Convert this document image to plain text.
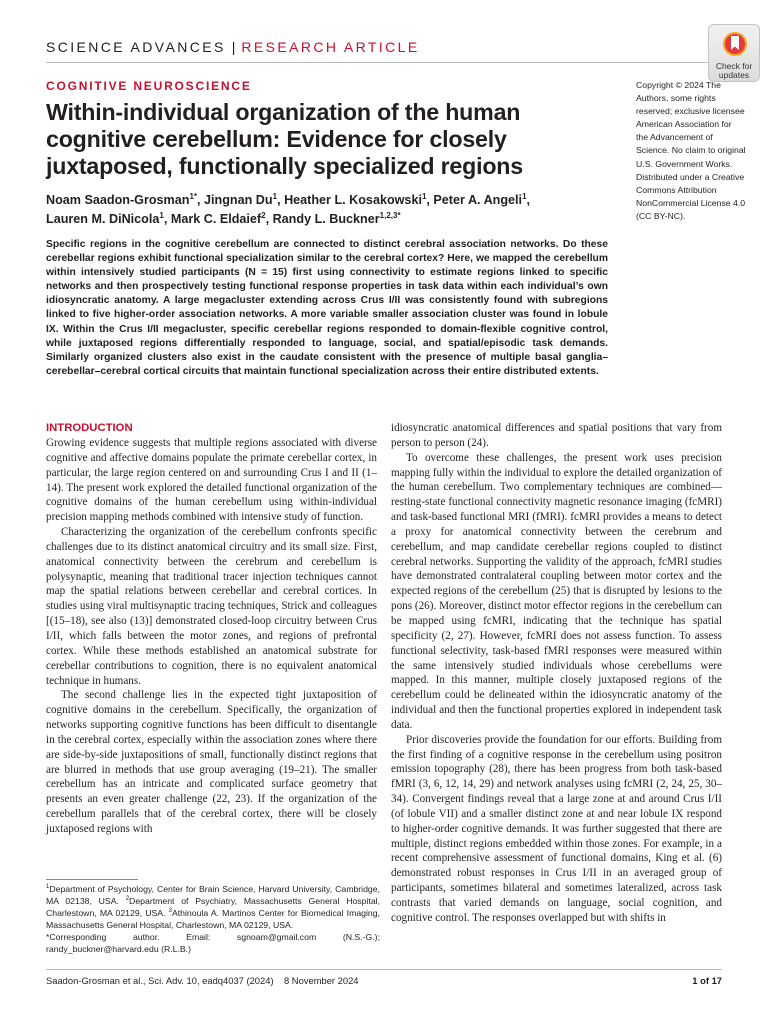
SCIENCE ADVANCES | RESEARCH ARTICLE
Check for updates
COGNITIVE NEUROSCIENCE
Within-individual organization of the human cognitive cerebellum: Evidence for closely juxtaposed, functionally specialized regions
Noam Saadon-Grosman$^{1*}$, Jingnan Du$^1$, Heather L. Kosakowski$^1$, Peter A. Angeli$^1$,
Lauren M. DiNicola$^1$, Mark C. Eldaief$^2$, Randy L. Buckner$^{1,2,3*}$
Copyright © 2024 The Authors, some rights reserved; exclusive licensee American Association for the Advancement of Science. No claim to original U.S. Government Works. Distributed under a Creative Commons Attribution NonCommercial License 4.0 (CC BY-NC).
Specific regions in the cognitive cerebellum are connected to distinct cerebral association networks. Do these cerebellar regions exhibit functional specialization similar to the cerebral cortex? Here, we mapped the cerebellum within intensively studied participants (N = 15) first using connectivity to estimate regions linked to specific networks and then prospectively testing functional response properties in task data within each individual’s own idiosyncratic anatomy. A large megacluster extending across Crus I/II was consistently found with subregions linked to five higher-order association networks. A more variable smaller association cluster was found in lobule IX. Within the Crus I/II megacluster, specific cerebellar regions responded to domain-flexible cognitive control, while juxtaposed regions differentially responded to language, social, and spatial/episodic task demands. Similarly organized clusters also exist in the caudate consistent with the presence of multiple basal ganglia–cerebellar–cerebral cortical circuits that maintain functional specialization across their entire distributed extents.
INTRODUCTION

Growing evidence suggests that multiple regions associated with diverse cognitive and affective domains populate the primate cerebellar cortex, in particular, the large region centered on and surrounding Crus I and II (1–14). The present work explored the detailed functional organization of the cognitive domains of the human cerebellum using within-individual precision mapping methods combined with intensive study of function.

Characterizing the organization of the cerebellum confronts specific challenges due to its distinct anatomical circuitry and its small size. First, anatomical connectivity between the cerebrum and cerebellum is polysynaptic, meaning that traditional tracer injection techniques cannot map the spatial relations between cerebellar and cerebral cortices. In studies using viral multisynaptic tracing techniques, Strick and colleagues [(15–18), see also (13)] demonstrated closed-loop circuitry between Crus I/II, which falls between the motor zones, and regions of prefrontal cortex. While these methods established an anatomical substrate for cerebellar contributions to cognition, there is no equivalent anatomical technique in humans.

The second challenge lies in the expected tight juxtaposition of cognitive domains in the cerebellum. Specifically, the organization of networks supporting cognitive functions has been difficult to disentangle in the cerebral cortex, especially within the association zones where there are side-by-side juxtapositions of small, functionally distinct regions that are blurred in methods that use group averaging (19–21). The smaller cerebellum has an intricate and complicated surface geometry that presents an even greater challenge (22, 23). If the organization of the cerebellum parallels that of the cerebral cortex, there will be closely juxtaposed regions with

idiosyncratic anatomical differences and spatial positions that vary from person to person (24).

To overcome these challenges, the present work uses precision mapping fully within the individual to explore the detailed organization of the human cerebellum. Two complementary techniques are combined—resting-state functional connectivity magnetic resonance imaging (fcMRI) and task-based functional MRI (fMRI). fcMRI provides a means to detect a proxy for anatomical connectivity between the cerebrum and cerebellum, and map candidate cerebellar regions coupled to distinct cerebral networks. Supporting the validity of the approach, fcMRI studies have demonstrated contralateral coupling between motor cortex and the expected regions of the cerebellum (25) that is disrupted by lesions to the pons (26). Moreover, distinct motor effector regions in the cerebellum can be mapped using fcMRI, indicating that the technique has spatial specificity (2, 27). However, fcMRI does not assess function. To assess functional selectivity, task-based fMRI responses were measured within the same intensively studied individuals whose cerebellums were mapped. In this manner, multiple closely juxtaposed regions of the cerebellum could be delineated within the idiosyncratic anatomy of the individual and then the functional properties explored in independent task data.

Prior discoveries provide the foundation for our efforts. Building from the first finding of a cognitive response in the cerebellum using positron emission topography (28), there has been progress from both task-based fMRI (3, 6, 12, 14, 29) and network analyses using fcMRI (2, 24, 25, 30–34). Convergent findings reveal that a large zone at and around Crus I/II (of lobule VII) and a smaller distinct zone at and near lobule IX respond to higher-order cognitive demands. It was further suggested that there are multiple, distinct regions embedded within those zones. For example, in a recent comprehensive assessment of functional domains, King et al. (6) demonstrated robust responses in Crus I/II in an averaged group of participants, sometimes bilateral and sometimes lateralized, across task contrasts that varied demands on language, social cognition, and cognitive control. The responses overlapped but with shifts in

$^1$Department of Psychology, Center for Brain Science, Harvard University, Cambridge, MA 02138, USA. $^2$Department of Psychiatry, Massachusetts General Hospital, Charlestown, MA 02129, USA. $^3$Athinoula A. Martinos Center for Biomedical Imaging, Massachusetts General Hospital, Charlestown, MA 02129, USA.

*Corresponding author. Email: sgnoam@gmail.com (N.S.-G.); randy_buckner@harvard.edu (R.L.B.)

Saadon-Grosman et al., Sci. Adv. 10, eadq4037 (2024)    8 November 2024	1 of 17
